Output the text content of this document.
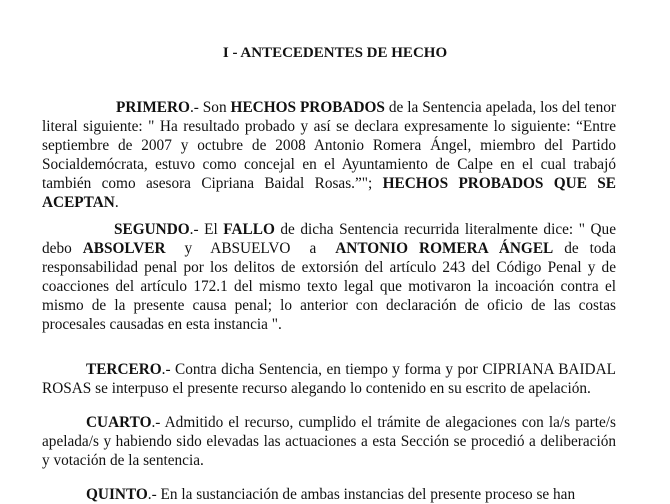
I - ANTECEDENTES DE HECHO

PRIMERO.- Son HECHOS PROBADOS de la Sentencia apelada, los del tenor literal siguiente: " Ha resultado probado y así se declara expresamente lo siguiente: “Entre septiembre de 2007 y octubre de 2008 Antonio Romera Ángel, miembro del Partido Socialdemócrata, estuvo como concejal en el Ayuntamiento de Calpe en el cual trabajó también como asesora Cipriana Baidal Rosas.”"; HECHOS PROBADOS QUE SE ACEPTAN.

SEGUNDO.- El FALLO de dicha Sentencia recurrida literalmente dice: " Que debo ABSOLVER y ABSUELVO a ANTONIO ROMERA ÁNGEL de toda responsabilidad penal por los delitos de extorsión del artículo 243 del Código Penal y de coacciones del artículo 172.1 del mismo texto legal que motivaron la incoación contra el mismo de la presente causa penal; lo anterior con declaración de oficio de las costas procesales causadas en esta instancia ".

TERCERO.- Contra dicha Sentencia, en tiempo y forma y por CIPRIANA BAIDAL ROSAS se interpuso el presente recurso alegando lo contenido en su escrito de apelación.

CUARTO.- Admitido el recurso, cumplido el trámite de alegaciones con la/s parte/s apelada/s y habiendo sido elevadas las actuaciones a esta Sección se procedió a deliberación y votación de la sentencia.

QUINTO.- En la sustanciación de ambas instancias del presente proceso se han
